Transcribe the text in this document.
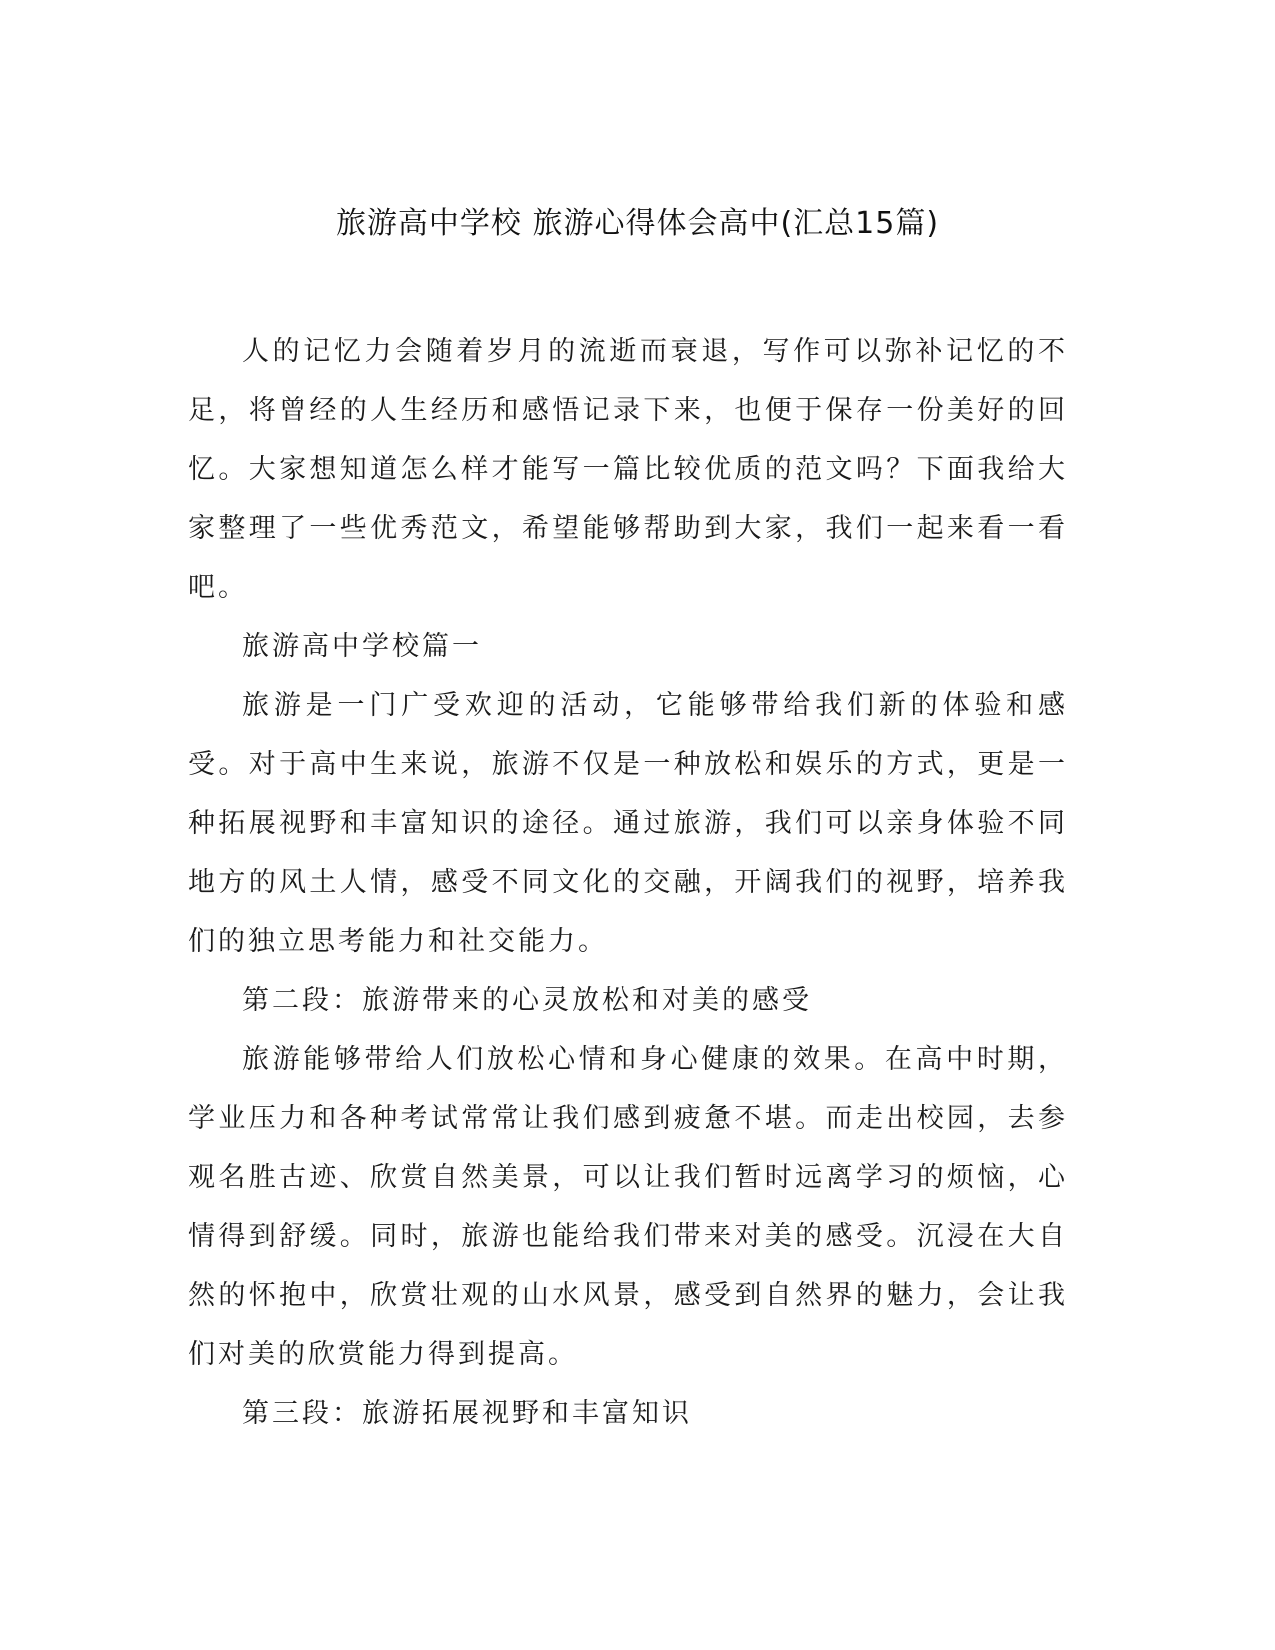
旅游高中学校 旅游心得体会高中(汇总15篇)

人的记忆力会随着岁月的流逝而衰退，写作可以弥补记忆的不足，将曾经的人生经历和感悟记录下来，也便于保存一份美好的回忆。大家想知道怎么样才能写一篇比较优质的范文吗？下面我给大家整理了一些优秀范文，希望能够帮助到大家，我们一起来看一看吧。

旅游高中学校篇一

旅游是一门广受欢迎的活动，它能够带给我们新的体验和感受。对于高中生来说，旅游不仅是一种放松和娱乐的方式，更是一种拓展视野和丰富知识的途径。通过旅游，我们可以亲身体验不同地方的风土人情，感受不同文化的交融，开阔我们的视野，培养我们的独立思考能力和社交能力。

第二段：旅游带来的心灵放松和对美的感受

旅游能够带给人们放松心情和身心健康的效果。在高中时期，学业压力和各种考试常常让我们感到疲惫不堪。而走出校园，去参观名胜古迹、欣赏自然美景，可以让我们暂时远离学习的烦恼，心情得到舒缓。同时，旅游也能给我们带来对美的感受。沉浸在大自然的怀抱中，欣赏壮观的山水风景，感受到自然界的魅力，会让我们对美的欣赏能力得到提高。

第三段：旅游拓展视野和丰富知识
